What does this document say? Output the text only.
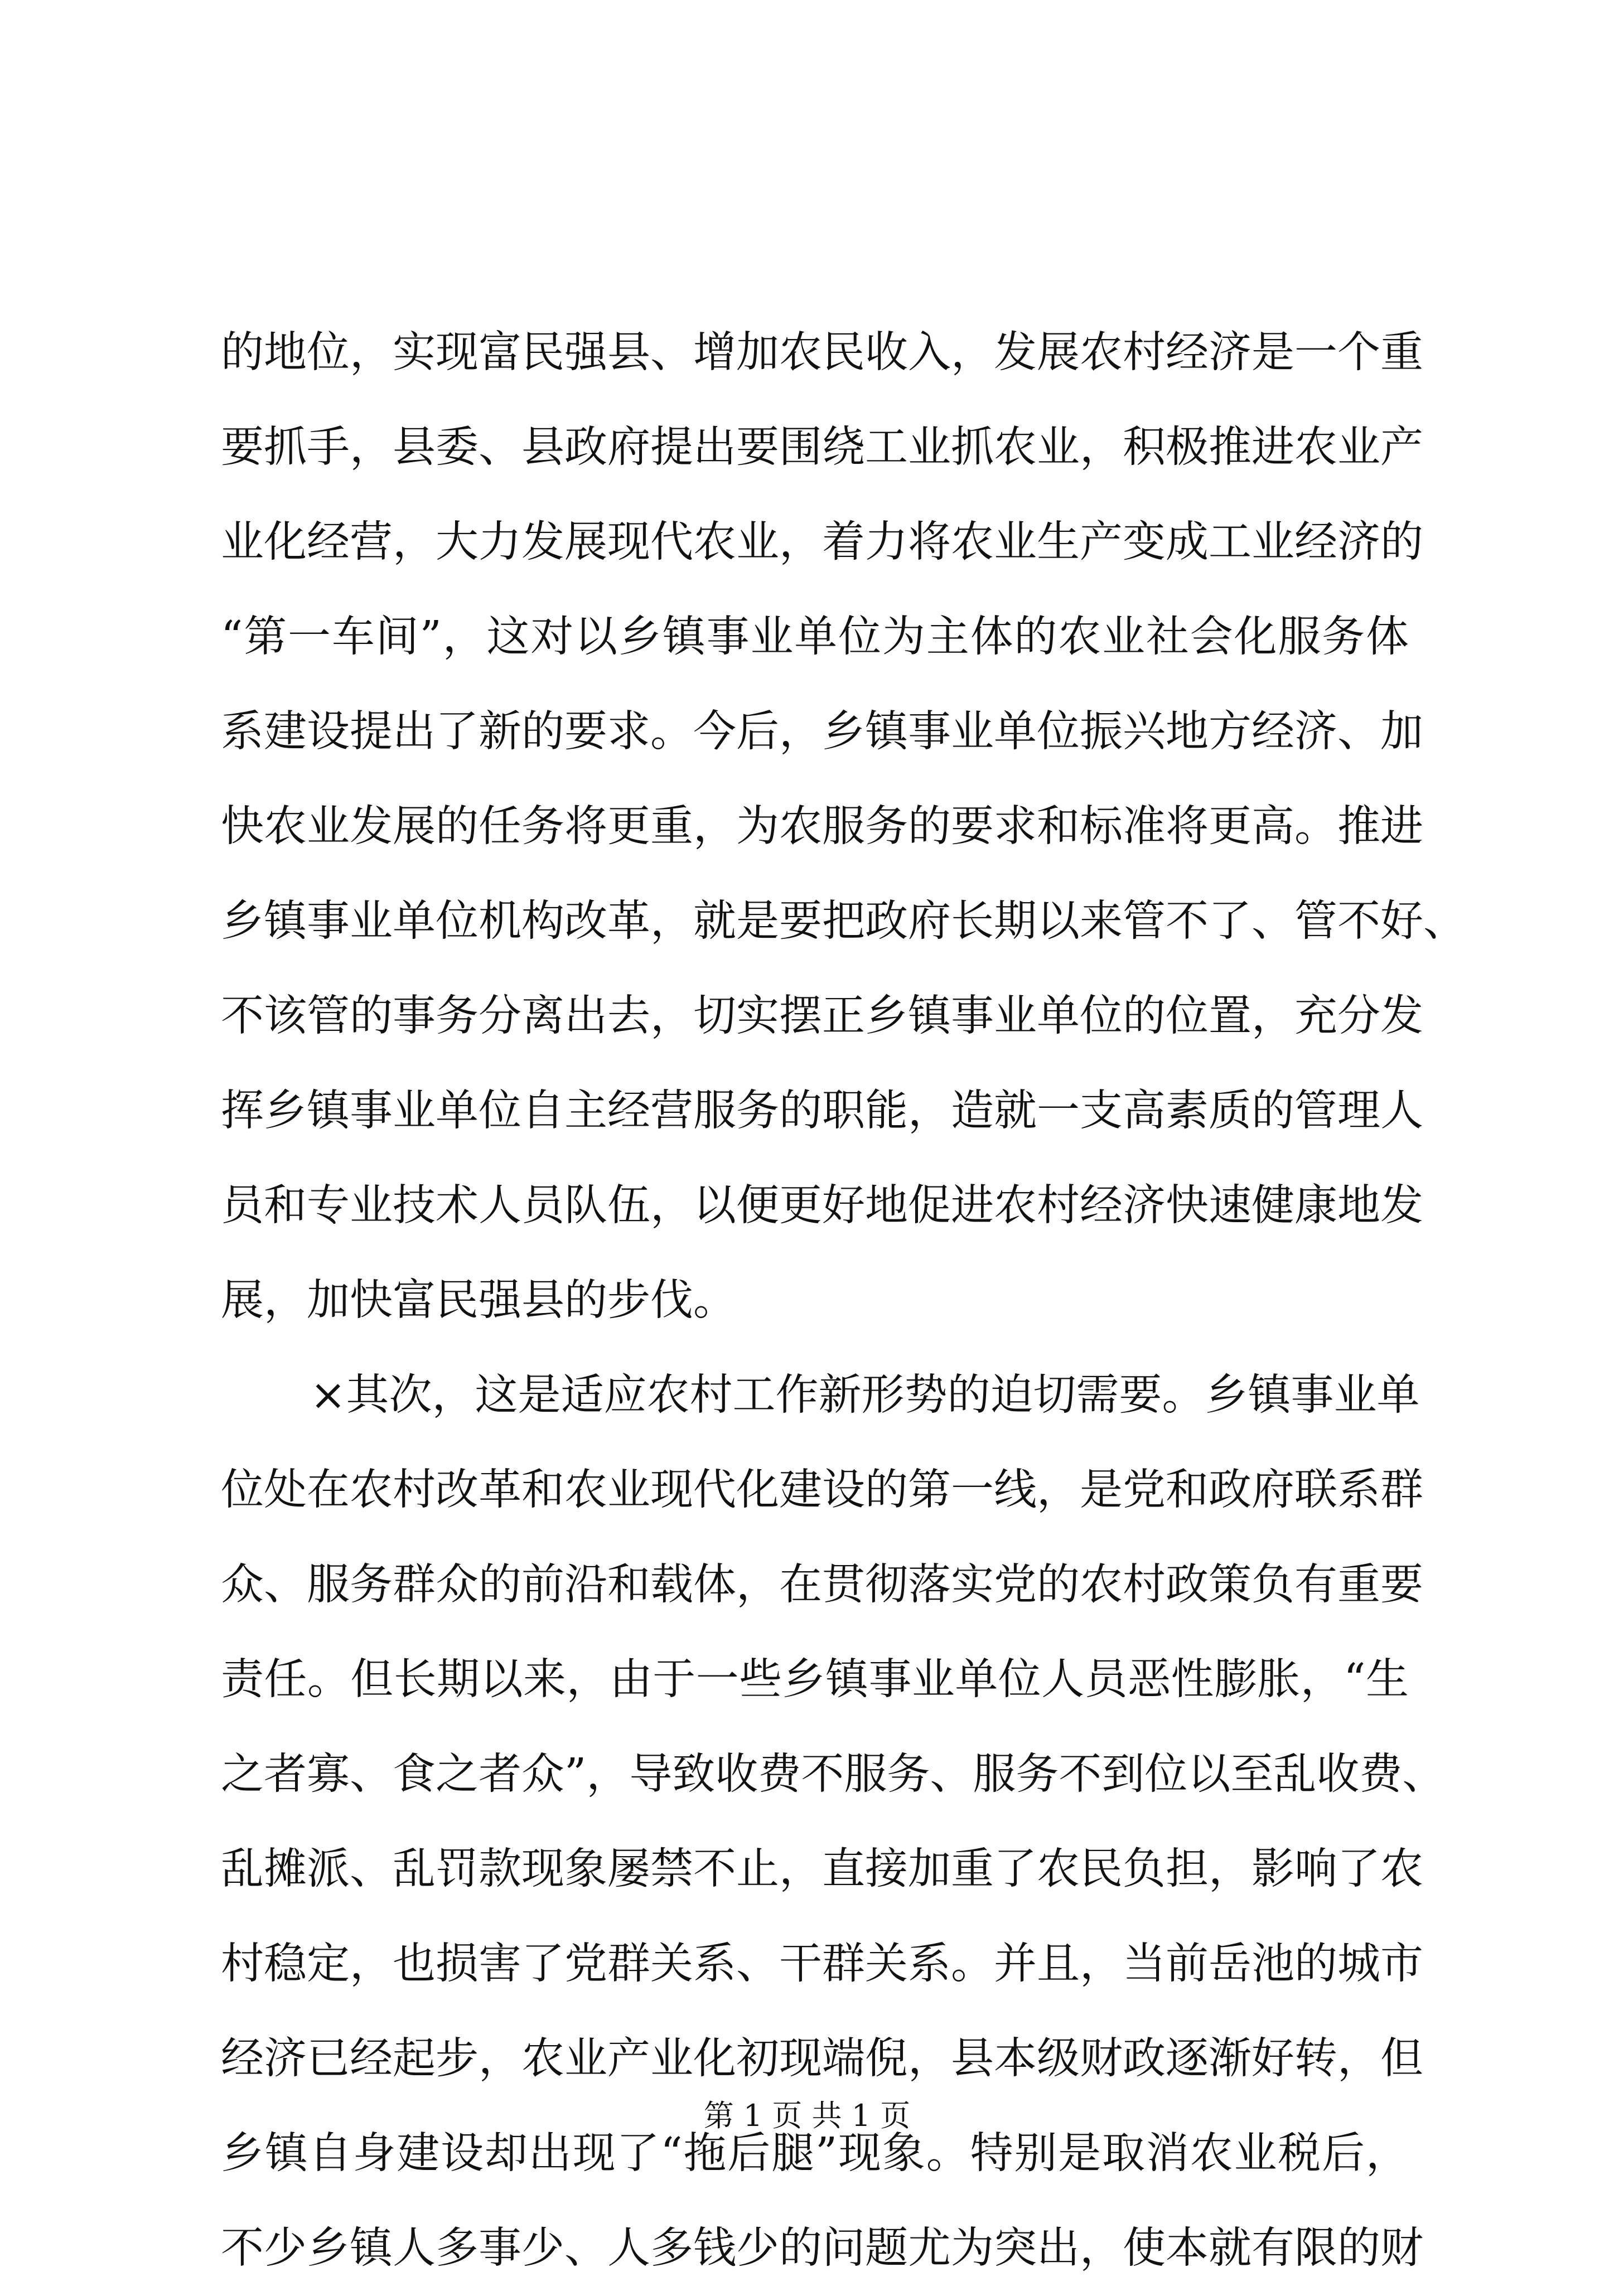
的地位，实现富民强县、增加农民收入，发展农村经济是一个重
要抓手，县委、县政府提出要围绕工业抓农业，积极推进农业产
业化经营，大力发展现代农业，着力将农业生产变成工业经济的
“第一车间”，这对以乡镇事业单位为主体的农业社会化服务体
系建设提出了新的要求。今后，乡镇事业单位振兴地方经济、加
快农业发展的任务将更重，为农服务的要求和标准将更高。推进
乡镇事业单位机构改革，就是要把政府长期以来管不了、管不好、
不该管的事务分离出去，切实摆正乡镇事业单位的位置，充分发
挥乡镇事业单位自主经营服务的职能，造就一支高素质的管理人
员和专业技术人员队伍，以便更好地促进农村经济快速健康地发
展，加快富民强县的步伐。
×其次，这是适应农村工作新形势的迫切需要。乡镇事业单
位处在农村改革和农业现代化建设的第一线，是党和政府联系群
众、服务群众的前沿和载体，在贯彻落实党的农村政策负有重要
责任。但长期以来，由于一些乡镇事业单位人员恶性膨胀，“生
之者寡、食之者众”，导致收费不服务、服务不到位以至乱收费、
乱摊派、乱罚款现象屡禁不止，直接加重了农民负担，影响了农
村稳定，也损害了党群关系、干群关系。并且，当前岳池的城市
经济已经起步，农业产业化初现端倪，县本级财政逐渐好转，但
乡镇自身建设却出现了“拖后腿”现象。特别是取消农业税后，
不少乡镇人多事少、人多钱少的问题尤为突出，使本就有限的财
第 1 页 共 1 页
